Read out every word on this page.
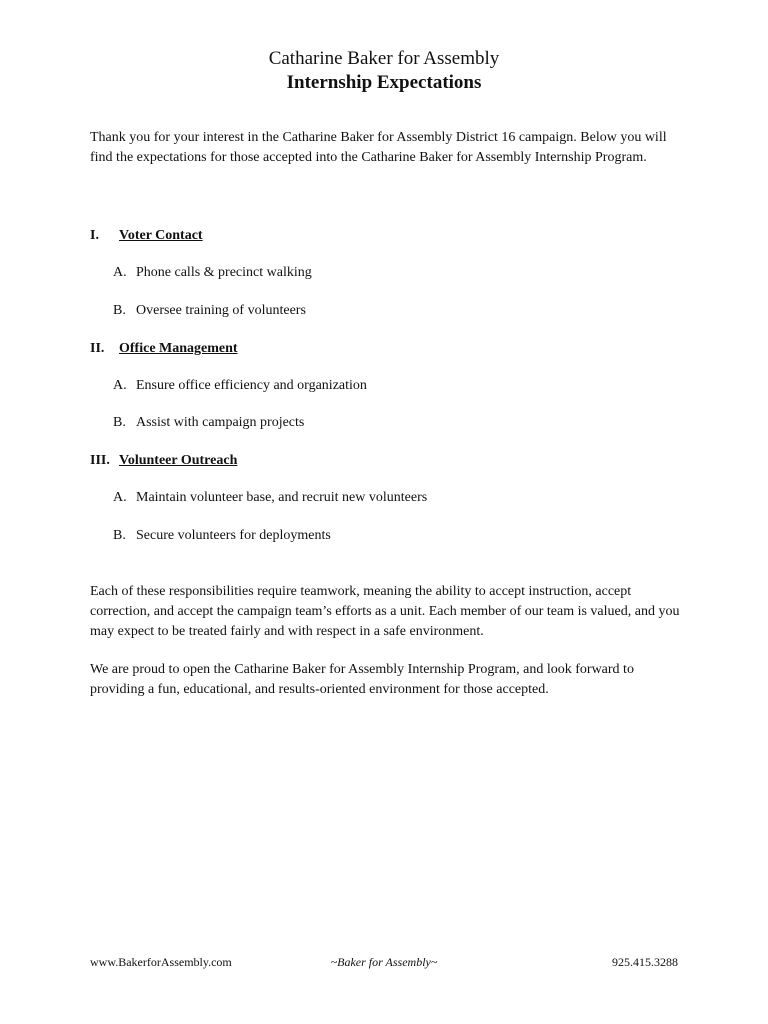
Catharine Baker for Assembly
Internship Expectations
Thank you for your interest in the Catharine Baker for Assembly District 16 campaign. Below you will find the expectations for those accepted into the Catharine Baker for Assembly Internship Program.
I. Voter Contact
A. Phone calls & precinct walking
B. Oversee training of volunteers
II. Office Management
A. Ensure office efficiency and organization
B. Assist with campaign projects
III. Volunteer Outreach
A. Maintain volunteer base, and recruit new volunteers
B. Secure volunteers for deployments
Each of these responsibilities require teamwork, meaning the ability to accept instruction, accept correction, and accept the campaign team’s efforts as a unit. Each member of our team is valued, and you may expect to be treated fairly and with respect in a safe environment.
We are proud to open the Catharine Baker for Assembly Internship Program, and look forward to providing a fun, educational, and results-oriented environment for those accepted.
www.BakerforAssembly.com	~Baker for Assembly~	925.415.3288
